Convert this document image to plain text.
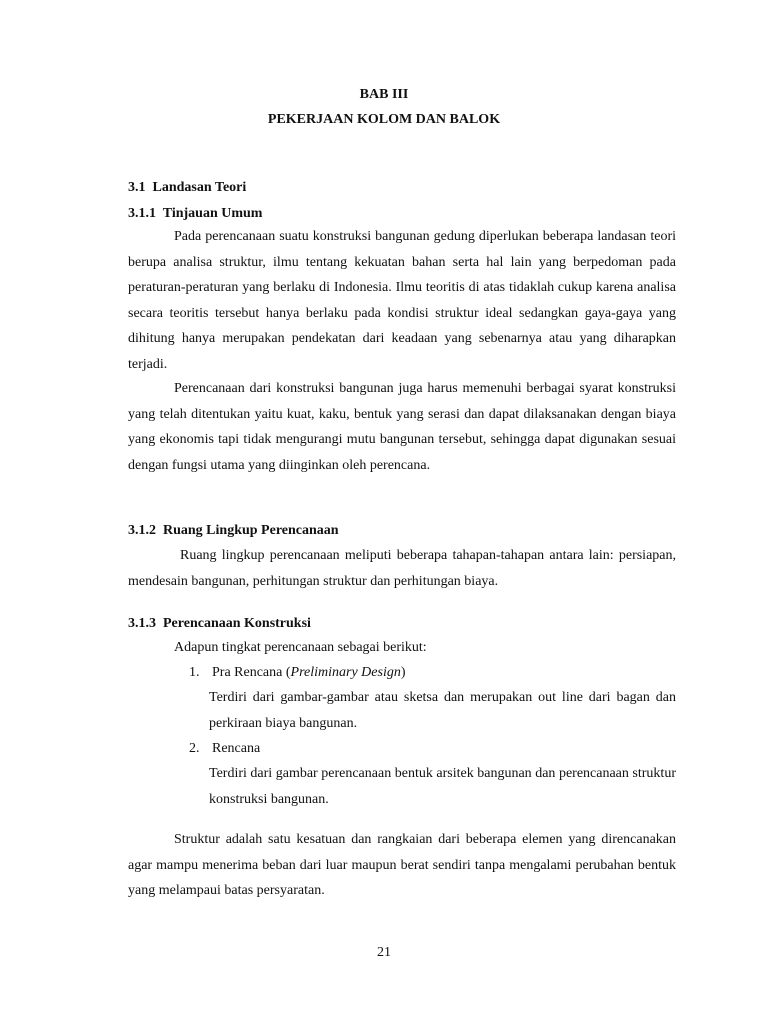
BAB III
PEKERJAAN KOLOM DAN BALOK
3.1  Landasan Teori
3.1.1  Tinjauan Umum

Pada perencanaan suatu konstruksi bangunan gedung diperlukan beberapa landasan teori berupa analisa struktur, ilmu tentang kekuatan bahan serta hal lain yang berpedoman pada peraturan-peraturan yang berlaku di Indonesia. Ilmu teoritis di atas tidaklah cukup karena analisa secara teoritis tersebut hanya berlaku pada kondisi struktur ideal sedangkan gaya-gaya yang dihitung hanya merupakan pendekatan dari keadaan yang sebenarnya atau yang diharapkan terjadi.

Perencanaan dari konstruksi bangunan juga harus memenuhi berbagai syarat konstruksi yang telah ditentukan yaitu kuat, kaku, bentuk yang serasi dan dapat dilaksanakan dengan biaya yang ekonomis tapi tidak mengurangi mutu bangunan tersebut, sehingga dapat digunakan sesuai dengan fungsi utama yang diinginkan oleh perencana.

3.1.2  Ruang Lingkup Perencanaan

Ruang lingkup perencanaan meliputi beberapa tahapan-tahapan antara lain: persiapan, mendesain bangunan, perhitungan struktur dan perhitungan biaya.

3.1.3  Perencanaan Konstruksi
Adapun tingkat perencanaan sebagai berikut:
1. Pra Rencana (Preliminary Design)

Terdiri dari gambar-gambar atau sketsa dan merupakan out line dari bagan dan perkiraan biaya bangunan.

2. Rencana

Terdiri dari gambar perencanaan bentuk arsitek bangunan dan perencanaan struktur konstruksi bangunan.

Struktur adalah satu kesatuan dan rangkaian dari beberapa elemen yang direncanakan agar mampu menerima beban dari luar maupun berat sendiri tanpa mengalami perubahan bentuk yang melampaui batas persyaratan.

21
